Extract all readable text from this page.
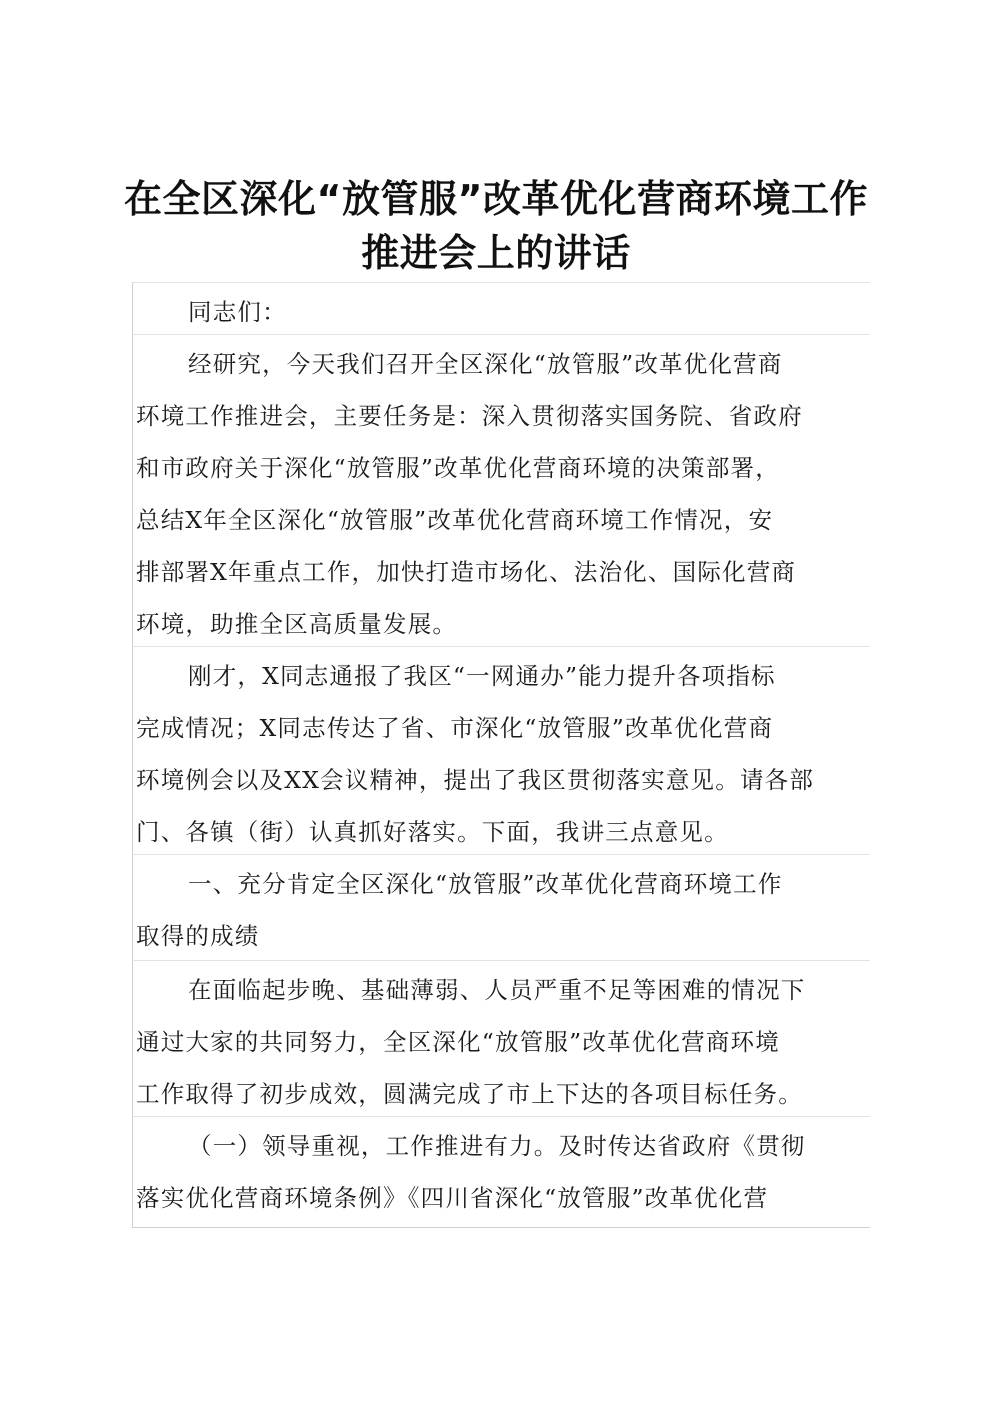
在全区深化“放管服”改革优化营商环境工作
推进会上的讲话
同志们：
经研究，今天我们召开全区深化“放管服”改革优化营商
环境工作推进会，主要任务是：深入贯彻落实国务院、省政府
和市政府关于深化“放管服”改革优化营商环境的决策部署，
总结X年全区深化“放管服”改革优化营商环境工作情况，安
排部署X年重点工作，加快打造市场化、法治化、国际化营商
环境，助推全区高质量发展。
刚才，X同志通报了我区“一网通办”能力提升各项指标
完成情况；X同志传达了省、市深化“放管服”改革优化营商
环境例会以及XX会议精神，提出了我区贯彻落实意见。请各部
门、各镇（街）认真抓好落实。下面，我讲三点意见。
一、充分肯定全区深化“放管服”改革优化营商环境工作
取得的成绩
在面临起步晚、基础薄弱、人员严重不足等困难的情况下
通过大家的共同努力，全区深化“放管服”改革优化营商环境
工作取得了初步成效，圆满完成了市上下达的各项目标任务。
（一）领导重视，工作推进有力。及时传达省政府《贯彻
落实优化营商环境条例》《四川省深化“放管服”改革优化营
